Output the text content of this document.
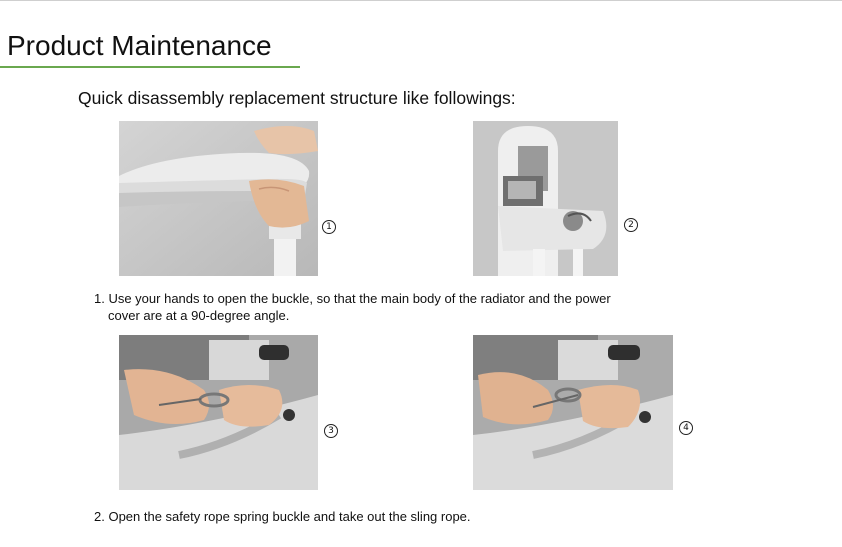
Product Maintenance
Quick disassembly replacement structure like followings:
1	2
1. Use your hands to open the buckle, so that the main body of the radiator and the power
cover are at a 90-degree angle.
3	4
2. Open the safety rope spring buckle and take out the sling rope.
